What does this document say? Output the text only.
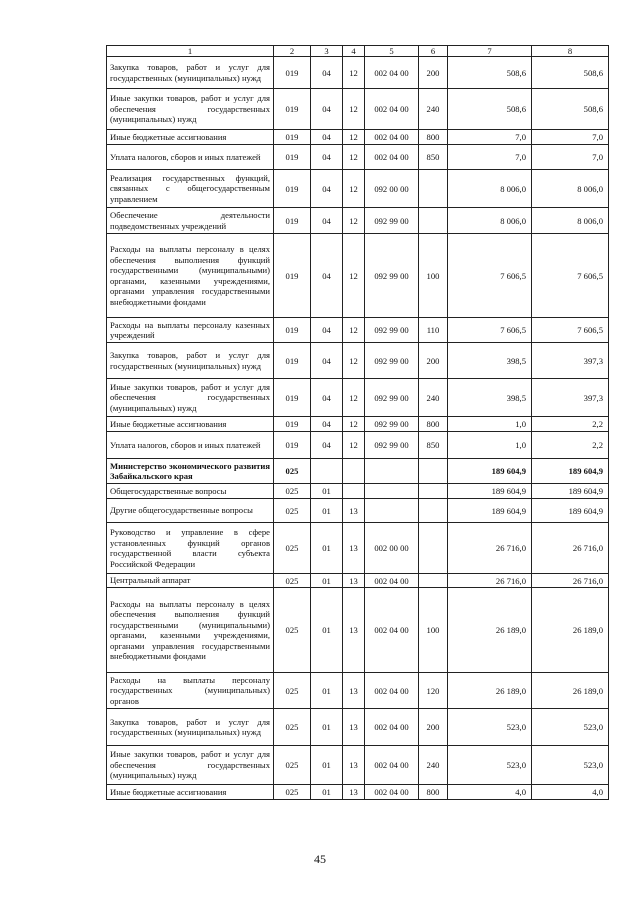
1	2	3	4	5	6	7	8
Закупка товаров, работ и услуг для государственных (муниципальных) нужд	019	04	12	002 04 00	200	508,6	508,6
Иные закупки товаров, работ и услуг для обеспечения государственных (муниципальных) нужд	019	04	12	002 04 00	240	508,6	508,6
Иные бюджетные ассигнования	019	04	12	002 04 00	800	7,0	7,0
Уплата налогов, сборов и иных платежей	019	04	12	002 04 00	850	7,0	7,0
Реализация государственных функций, связанных с общегосударственным управлением	019	04	12	092 00 00		8 006,0	8 006,0
Обеспечение деятельности подведомственных учреждений	019	04	12	092 99 00		8 006,0	8 006,0
Расходы на выплаты персоналу в целях обеспечения выполнения функций государственными (муниципальными) органами, казенными учреждениями, органами управления государственными внебюджетными фондами	019	04	12	092 99 00	100	7 606,5	7 606,5
Расходы на выплаты персоналу казенных учреждений	019	04	12	092 99 00	110	7 606,5	7 606,5
Закупка товаров, работ и услуг для государственных (муниципальных) нужд	019	04	12	092 99 00	200	398,5	397,3
Иные закупки товаров, работ и услуг для обеспечения государственных (муниципальных) нужд	019	04	12	092 99 00	240	398,5	397,3
Иные бюджетные ассигнования	019	04	12	092 99 00	800	1,0	2,2
Уплата налогов, сборов и иных платежей	019	04	12	092 99 00	850	1,0	2,2
Министерство экономического развития Забайкальского края	025					189 604,9	189 604,9
Общегосударственные вопросы	025	01				189 604,9	189 604,9
Другие общегосударственные вопросы	025	01	13			189 604,9	189 604,9
Руководство и управление в сфере установленных функций органов государственной власти субъекта Российской Федерации	025	01	13	002 00 00		26 716,0	26 716,0
Центральный аппарат	025	01	13	002 04 00		26 716,0	26 716,0
Расходы на выплаты персоналу в целях обеспечения выполнения функций государственными (муниципальными) органами, казенными учреждениями, органами управления государственными внебюджетными фондами	025	01	13	002 04 00	100	26 189,0	26 189,0
Расходы на выплаты персоналу государственных (муниципальных) органов	025	01	13	002 04 00	120	26 189,0	26 189,0
Закупка товаров, работ и услуг для государственных (муниципальных) нужд	025	01	13	002 04 00	200	523,0	523,0
Иные закупки товаров, работ и услуг для обеспечения государственных (муниципальных) нужд	025	01	13	002 04 00	240	523,0	523,0
Иные бюджетные ассигнования	025	01	13	002 04 00	800	4,0	4,0
45
